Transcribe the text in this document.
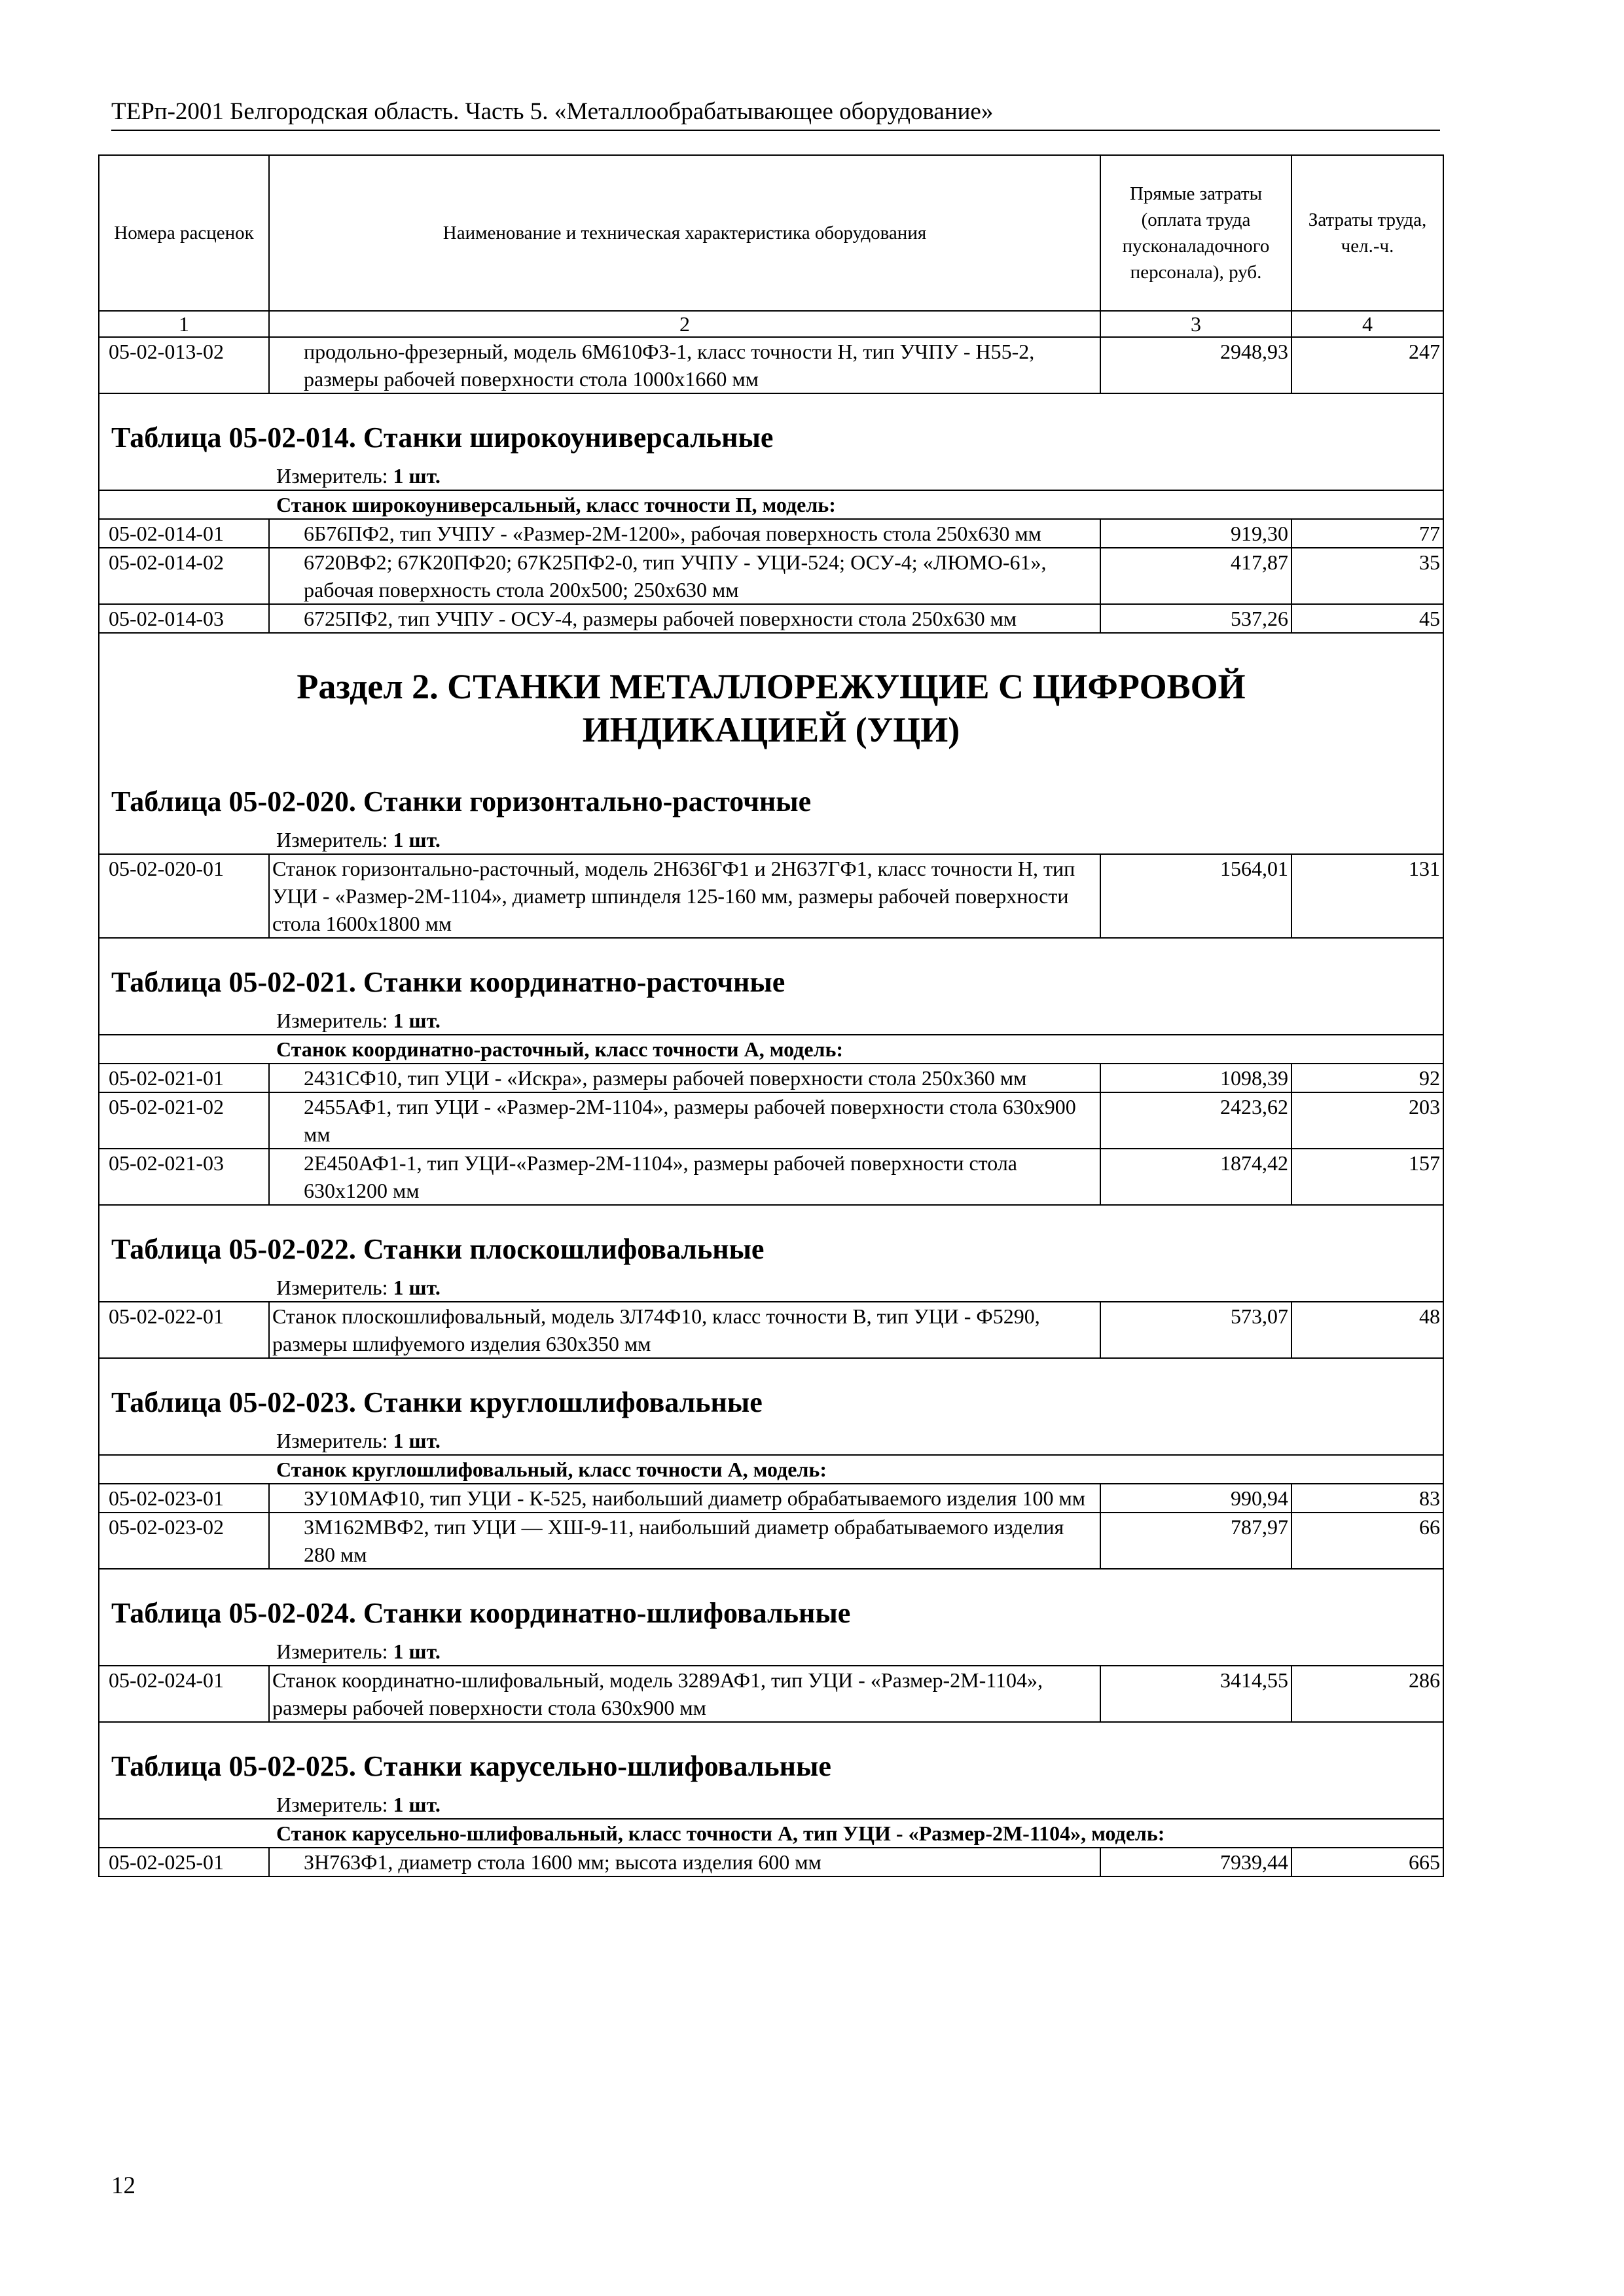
ТЕРп-2001 Белгородская область. Часть 5. «Металлообрабатывающее оборудование»
Номера расценок	Наименование и техническая характеристика оборудования	Прямые затраты (оплата труда пусконаладочного персонала), руб.	Затраты труда, чел.-ч.
1	2	3	4
05-02-013-02	продольно-фрезерный, модель 6М610ФЗ-1, класс точности Н, тип УЧПУ - Н55-2, размеры рабочей поверхности стола 1000х1660 мм	2948,93	247

Таблица 05-02-014. Станки широкоуниверсальные			

Измеритель: 1 шт.			
Станок широкоуниверсальный, класс точности П, модель:			
05-02-014-01	6Б76ПФ2, тип УЧПУ - «Размер-2М-1200», рабочая поверхность стола 250х630 мм	919,30	77
05-02-014-02	6720ВФ2; 67К20ПФ20; 67К25ПФ2-0, тип УЧПУ - УЦИ-524; ОСУ-4; «ЛЮМО-61», рабочая поверхность стола 200х500; 250х630 мм	417,87	35
05-02-014-03	6725ПФ2, тип УЧПУ - ОСУ-4, размеры рабочей поверхности стола 250х630 мм	537,26	45

Раздел 2. СТАНКИ МЕТАЛЛОРЕЖУЩИЕ С ЦИФРОВОЙ
ИНДИКАЦИЕЙ (УЦИ)			

Таблица 05-02-020. Станки горизонтально-расточные			

Измеритель: 1 шт.			
05-02-020-01	Станок горизонтально-расточный, модель 2Н636ГФ1 и 2Н637ГФ1, класс точности Н, тип УЦИ - «Размер-2М-1104», диаметр шпинделя 125-160 мм, размеры рабочей поверхности стола 1600х1800 мм	1564,01	131

Таблица 05-02-021. Станки координатно-расточные			

Измеритель: 1 шт.			
Станок координатно-расточный, класс точности А, модель:			
05-02-021-01	2431СФ10, тип УЦИ - «Искра», размеры рабочей поверхности стола 250х360 мм	1098,39	92
05-02-021-02	2455АФ1, тип УЦИ - «Размер-2М-1104», размеры рабочей поверхности стола 630х900 мм	2423,62	203
05-02-021-03	2Е450АФ1-1, тип УЦИ-«Размер-2М-1104», размеры рабочей поверхности стола 630х1200 мм	1874,42	157

Таблица 05-02-022. Станки плоскошлифовальные			

Измеритель: 1 шт.			
05-02-022-01	Станок плоскошлифовальный, модель ЗЛ74Ф10, класс точности В, тип УЦИ - Ф5290, размеры шлифуемого изделия 630х350 мм	573,07	48

Таблица 05-02-023. Станки круглошлифовальные			

Измеритель: 1 шт.			
Станок круглошлифовальный, класс точности А, модель:			
05-02-023-01	ЗУ10МАФ10, тип УЦИ - К-525, наибольший диаметр обрабатываемого изделия 100 мм	990,94	83
05-02-023-02	ЗМ162МВФ2, тип УЦИ — ХШ-9-11, наибольший диаметр обрабатываемого изделия 280 мм	787,97	66

Таблица 05-02-024. Станки координатно-шлифовальные			

Измеритель: 1 шт.			
05-02-024-01	Станок координатно-шлифовальный, модель 3289АФ1, тип УЦИ - «Размер-2М-1104», размеры рабочей поверхности стола 630х900 мм	3414,55	286

Таблица 05-02-025. Станки карусельно-шлифовальные			

Измеритель: 1 шт.			
Станок карусельно-шлифовальный, класс точности А, тип УЦИ - «Размер-2М-1104», модель:			
05-02-025-01	ЗН763Ф1, диаметр стола 1600 мм; высота изделия 600 мм	7939,44	665
12
